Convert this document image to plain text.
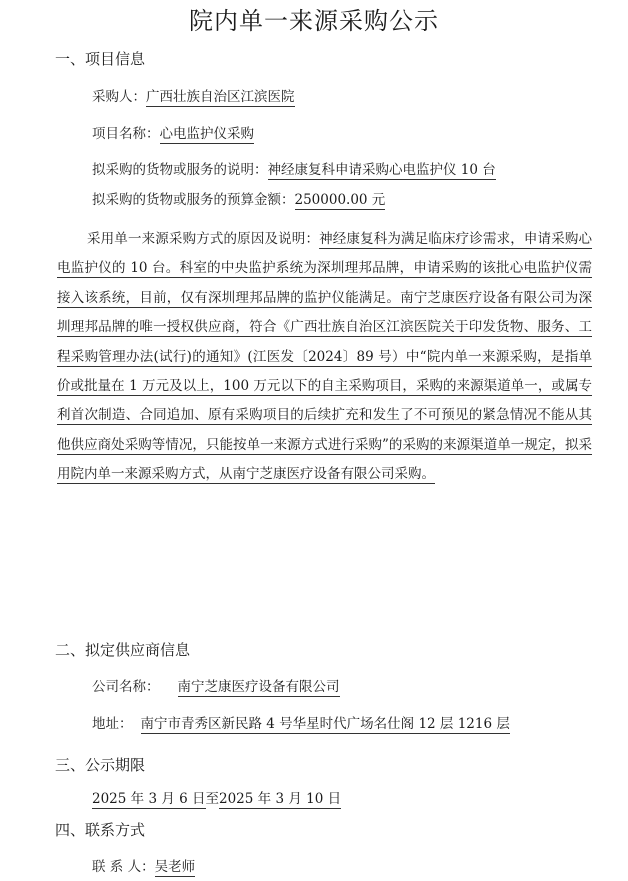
院内单一来源采购公示
一、项目信息
采购人：广西壮族自治区江滨医院
项目名称：心电监护仪采购
拟采购的货物或服务的说明：神经康复科申请采购心电监护仪 10 台
拟采购的货物或服务的预算金额：250000.00 元
采用单一来源采购方式的原因及说明：神经康复科为满足临床疗诊需求，申请采购心电监护仪的 10 台。科室的中央监护系统为深圳理邦品牌，申请采购的该批心电监护仪需接入该系统，目前，仅有深圳理邦品牌的监护仪能满足。南宁芝康医疗设备有限公司为深圳理邦品牌的唯一授权供应商，符合《广西壮族自治区江滨医院关于印发货物、服务、工程采购管理办法(试行)的通知》(江医发〔2024〕89 号）中“院内单一来源采购，是指单价或批量在 1 万元及以上，100 万元以下的自主采购项目，采购的来源渠道单一，或属专利首次制造、合同追加、原有采购项目的后续扩充和发生了不可预见的紧急情况不能从其他供应商处采购等情况，只能按单一来源方式进行采购”的采购的来源渠道单一规定，拟采用院内单一来源采购方式，从南宁芝康医疗设备有限公司采购。
二、拟定供应商信息
公司名称： 南宁芝康医疗设备有限公司
地址： 南宁市青秀区新民路 4 号华星时代广场名仕阁 12 层 1216 层
三、公示期限
2025 年 3 月 6 日至2025 年 3 月 10 日
四、联系方式
联 系 人：吴老师
